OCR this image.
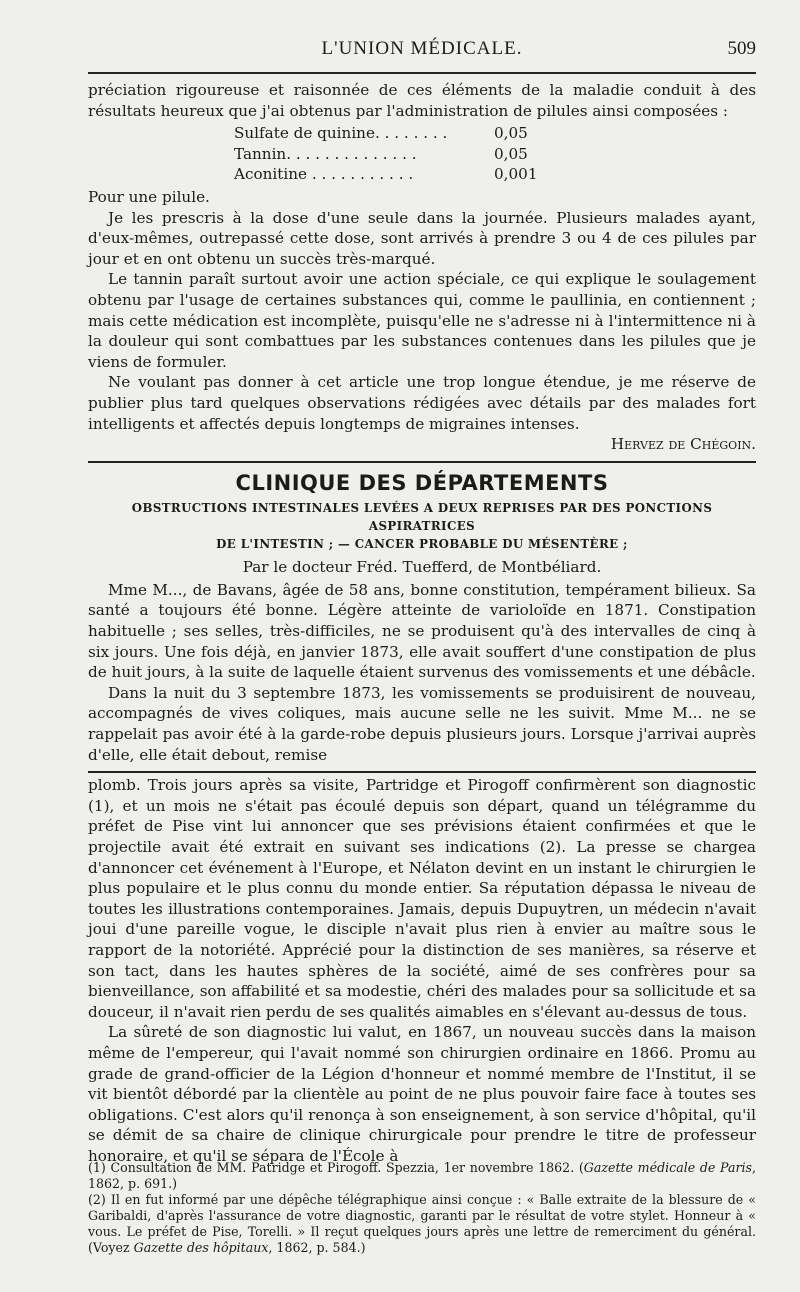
L'UNION MÉDICALE.	509

préciation rigoureuse et raisonnée de ces éléments de la maladie conduit à des résultats heureux que j'ai obtenus par l'administration de pilules ainsi composées :

Sulfate de quinine. . . . . . . .	0,05
Tannin. . . . . . . . . . . . . .	0,05
Aconitine . . . . . . . . . . .	0,001

Pour une pilule.

Je les prescris à la dose d'une seule dans la journée. Plusieurs malades ayant, d'eux-mêmes, outrepassé cette dose, sont arrivés à prendre 3 ou 4 de ces pilules par jour et en ont obtenu un succès très-marqué.

Le tannin paraît surtout avoir une action spéciale, ce qui explique le soulagement obtenu par l'usage de certaines substances qui, comme le paullinia, en contiennent ; mais cette médication est incomplète, puisqu'elle ne s'adresse ni à l'intermittence ni à la douleur qui sont combattues par les substances contenues dans les pilules que je viens de formuler.

Ne voulant pas donner à cet article une trop longue étendue, je me réserve de publier plus tard quelques observations rédigées avec détails par des malades fort intelligents et affectés depuis longtemps de migraines intenses.

Hervez de Chégoin.

CLINIQUE DES DÉPARTEMENTS
OBSTRUCTIONS INTESTINALES LEVÉES A DEUX REPRISES PAR DES PONCTIONS ASPIRATRICES
DE L'INTESTIN ; — CANCER PROBABLE DU MÉSENTÈRE ;
Par le docteur Fréd. Tuefferd, de Montbéliard.

Mme M..., de Bavans, âgée de 58 ans, bonne constitution, tempérament bilieux. Sa santé a toujours été bonne. Légère atteinte de varioloïde en 1871. Constipation habituelle ; ses selles, très-difficiles, ne se produisent qu'à des intervalles de cinq à six jours. Une fois déjà, en janvier 1873, elle avait souffert d'une constipation de plus de huit jours, à la suite de laquelle étaient survenus des vomissements et une débâcle.

Dans la nuit du 3 septembre 1873, les vomissements se produisirent de nouveau, accompagnés de vives coliques, mais aucune selle ne les suivit. Mme M... ne se rappelait pas avoir été à la garde-robe depuis plusieurs jours. Lorsque j'arrivai auprès d'elle, elle était debout, remise

plomb. Trois jours après sa visite, Partridge et Pirogoff confirmèrent son diagnostic (1), et un mois ne s'était pas écoulé depuis son départ, quand un télégramme du préfet de Pise vint lui annoncer que ses prévisions étaient confirmées et que le projectile avait été extrait en suivant ses indications (2). La presse se chargea d'annoncer cet événement à l'Europe, et Nélaton devint en un instant le chirurgien le plus populaire et le plus connu du monde entier. Sa réputation dépassa le niveau de toutes les illustrations contemporaines. Jamais, depuis Dupuytren, un médecin n'avait joui d'une pareille vogue, le disciple n'avait plus rien à envier au maître sous le rapport de la notoriété. Apprécié pour la distinction de ses manières, sa réserve et son tact, dans les hautes sphères de la société, aimé de ses confrères pour sa bienveillance, son affabilité et sa modestie, chéri des malades pour sa sollicitude et sa douceur, il n'avait rien perdu de ses qualités aimables en s'élevant au-dessus de tous.

La sûreté de son diagnostic lui valut, en 1867, un nouveau succès dans la maison même de l'empereur, qui l'avait nommé son chirurgien ordinaire en 1866. Promu au grade de grand-officier de la Légion d'honneur et nommé membre de l'Institut, il se vit bientôt débordé par la clientèle au point de ne plus pouvoir faire face à toutes ses obligations. C'est alors qu'il renonça à son enseignement, à son service d'hôpital, qu'il se démit de sa chaire de clinique chirurgicale pour prendre le titre de professeur honoraire, et qu'il se sépara de l'École à

(1) Consultation de MM. Patridge et Pirogoff. Spezzia, 1er novembre 1862. (Gazette médicale de Paris, 1862, p. 691.)

(2) Il en fut informé par une dépêche télégraphique ainsi conçue : « Balle extraite de la blessure de « Garibaldi, d'après l'assurance de votre diagnostic, garanti par le résultat de votre stylet. Honneur à « vous. Le préfet de Pise, Torelli. » Il reçut quelques jours après une lettre de remerciment du général. (Voyez Gazette des hôpitaux, 1862, p. 584.)
